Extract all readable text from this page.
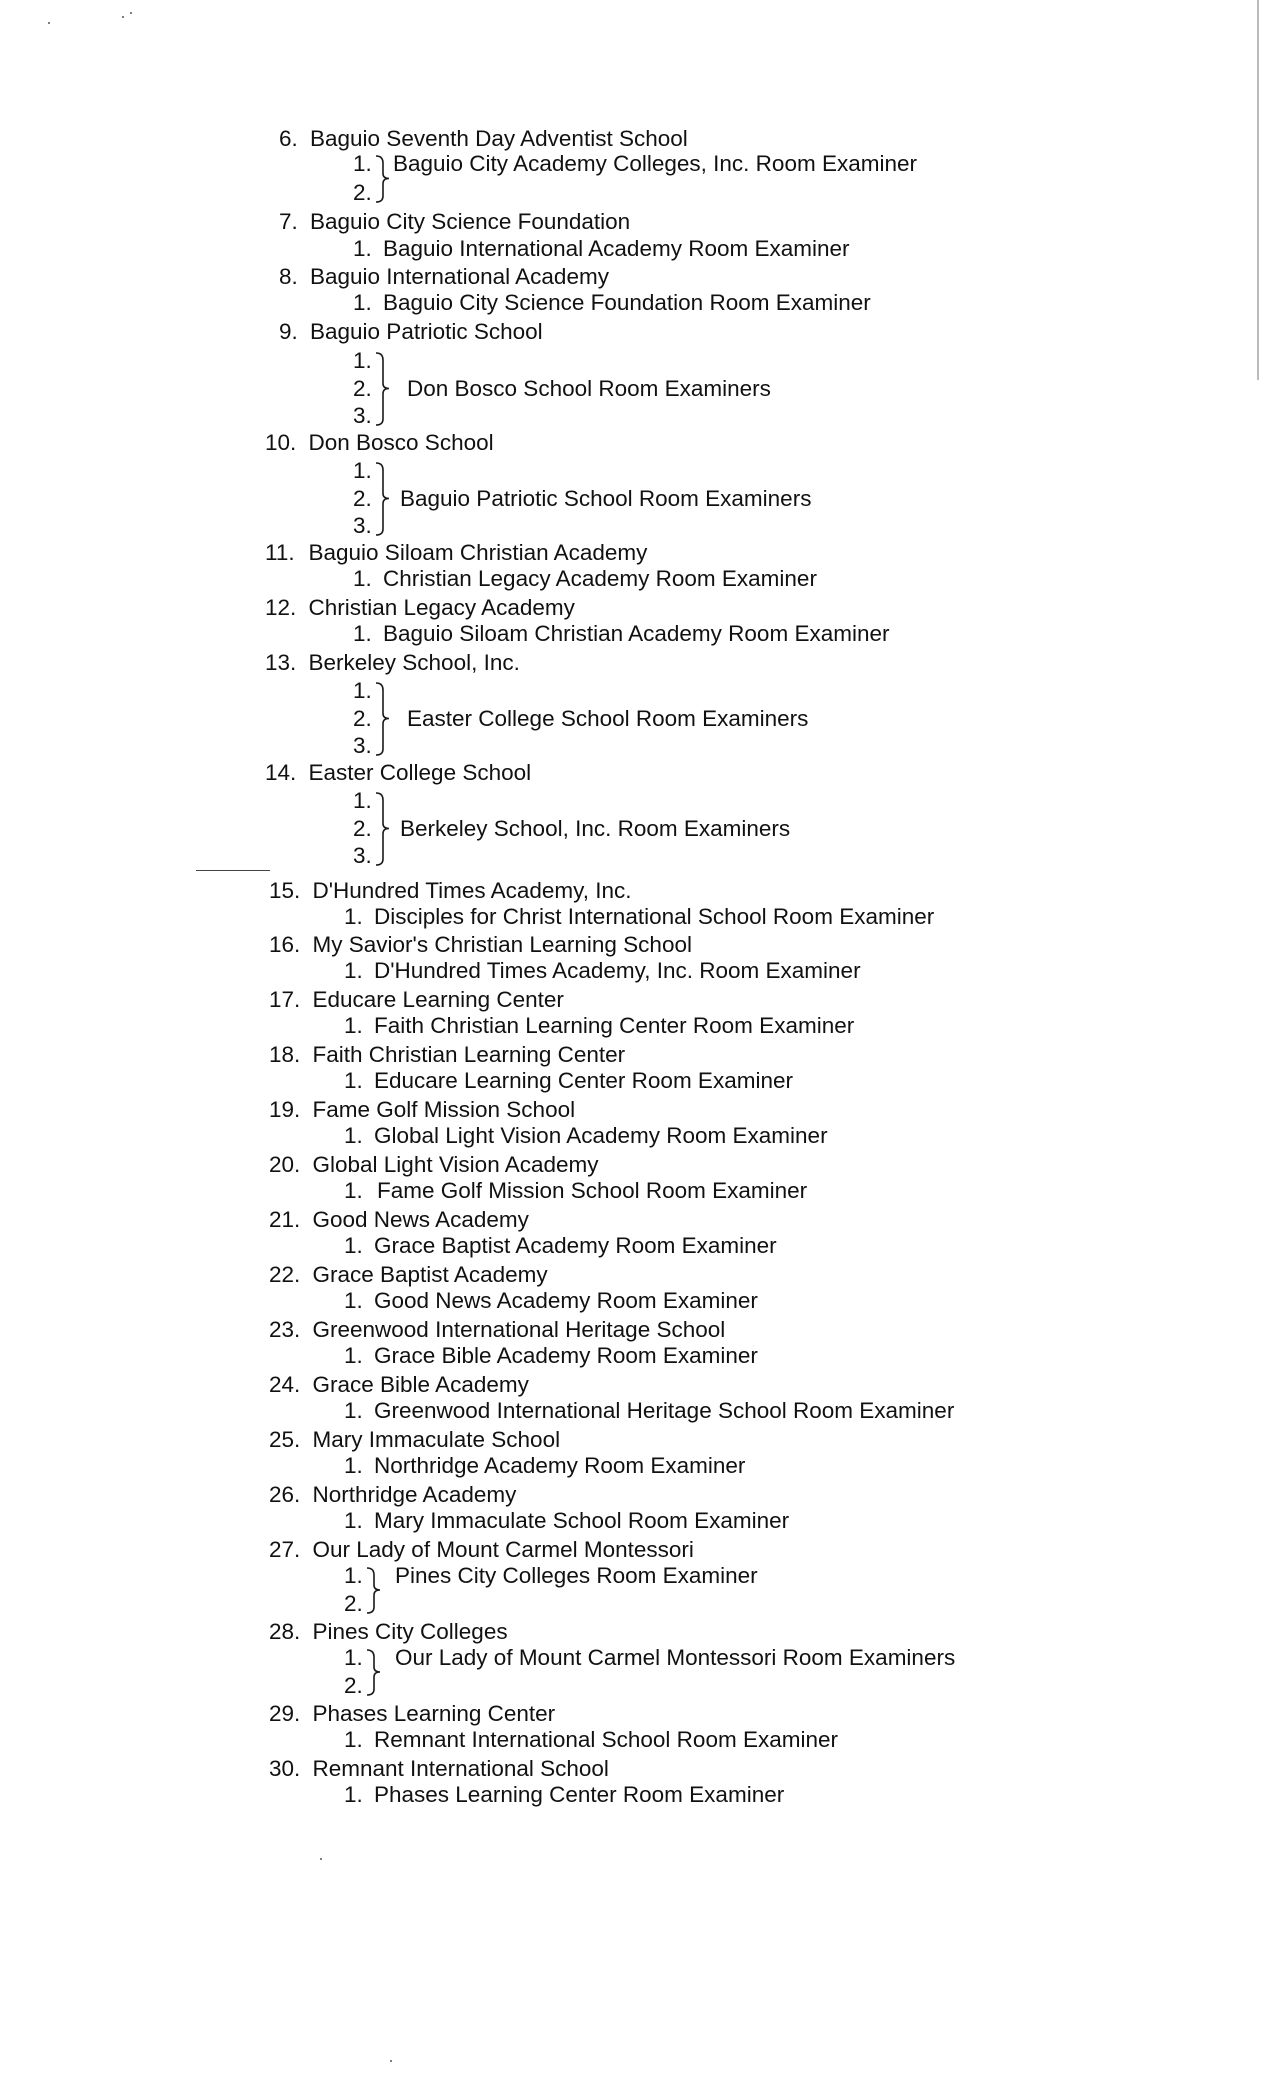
6. Baguio Seventh Day Adventist School
1.
2.
Baguio City Academy Colleges, Inc. Room Examiner
7. Baguio City Science Foundation
1. Baguio International Academy Room Examiner
8. Baguio International Academy
1. Baguio City Science Foundation Room Examiner
9. Baguio Patriotic School
1.
2.
3.
Don Bosco School Room Examiners
10. Don Bosco School
1.
2.
3.
Baguio Patriotic School Room Examiners
11. Baguio Siloam Christian Academy
1. Christian Legacy Academy Room Examiner
12. Christian Legacy Academy
1. Baguio Siloam Christian Academy Room Examiner
13. Berkeley School, Inc.
1.
2.
3.
Easter College School Room Examiners
14. Easter College School
1.
2.
3.
Berkeley School, Inc. Room Examiners
15. D'Hundred Times Academy, Inc.
1. Disciples for Christ International School Room Examiner
16. My Savior's Christian Learning School
1. D'Hundred Times Academy, Inc. Room Examiner
17. Educare Learning Center
1. Faith Christian Learning Center Room Examiner
18. Faith Christian Learning Center
1. Educare Learning Center Room Examiner
19. Fame Golf Mission School
1. Global Light Vision Academy Room Examiner
20. Global Light Vision Academy
1. Fame Golf Mission School Room Examiner
21. Good News Academy
1. Grace Baptist Academy Room Examiner
22. Grace Baptist Academy
1. Good News Academy Room Examiner
23. Greenwood International Heritage School
1. Grace Bible Academy Room Examiner
24. Grace Bible Academy
1. Greenwood International Heritage School Room Examiner
25. Mary Immaculate School
1. Northridge Academy Room Examiner
26. Northridge Academy
1. Mary Immaculate School Room Examiner
27. Our Lady of Mount Carmel Montessori
1.
2.
Pines City Colleges Room Examiner
28. Pines City Colleges
1.
2.
Our Lady of Mount Carmel Montessori Room Examiners
29. Phases Learning Center
1. Remnant International School Room Examiner
30. Remnant International School
1. Phases Learning Center Room Examiner
